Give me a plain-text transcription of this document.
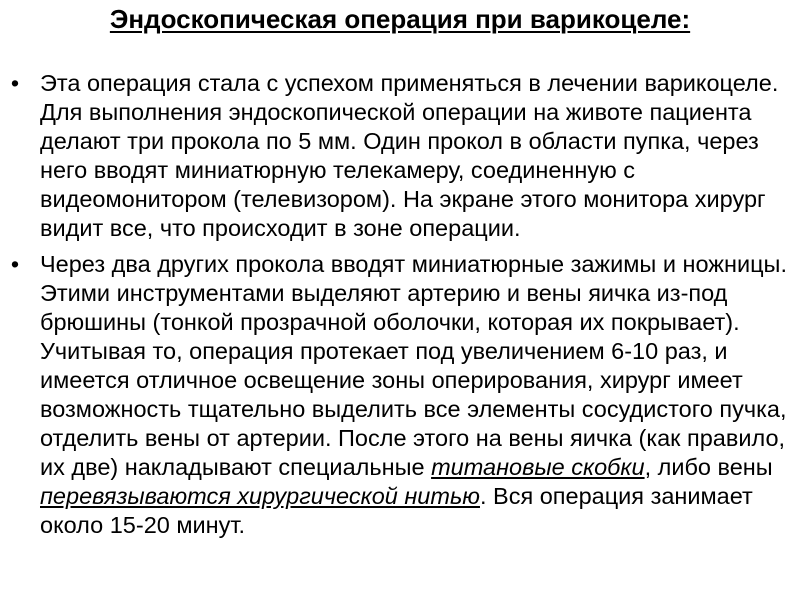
Эндоскопическая операция при варикоцеле:
• Эта операция стала с успехом применяться в лечении варикоцеле. Для выполнения эндоскопической операции на животе пациента делают три прокола по 5 мм. Один прокол в области пупка, через него вводят миниатюрную телекамеру, соединенную с видеомонитором (телевизором). На экране этого монитора хирург видит все, что происходит в зоне операции.
• Через два других прокола вводят миниатюрные зажимы и ножницы. Этими инструментами выделяют артерию и вены яичка из-под брюшины (тонкой прозрачной оболочки, которая их покрывает). Учитывая то, операция протекает под увеличением 6-10 раз, и имеется отличное освещение зоны оперирования, хирург имеет возможность тщательно выделить все элементы сосудистого пучка, отделить вены от артерии. После этого на вены яичка (как правило, их две) накладывают специальные титановые скобки, либо вены перевязываются хирургической нитью. Вся операция занимает около 15-20 минут.
